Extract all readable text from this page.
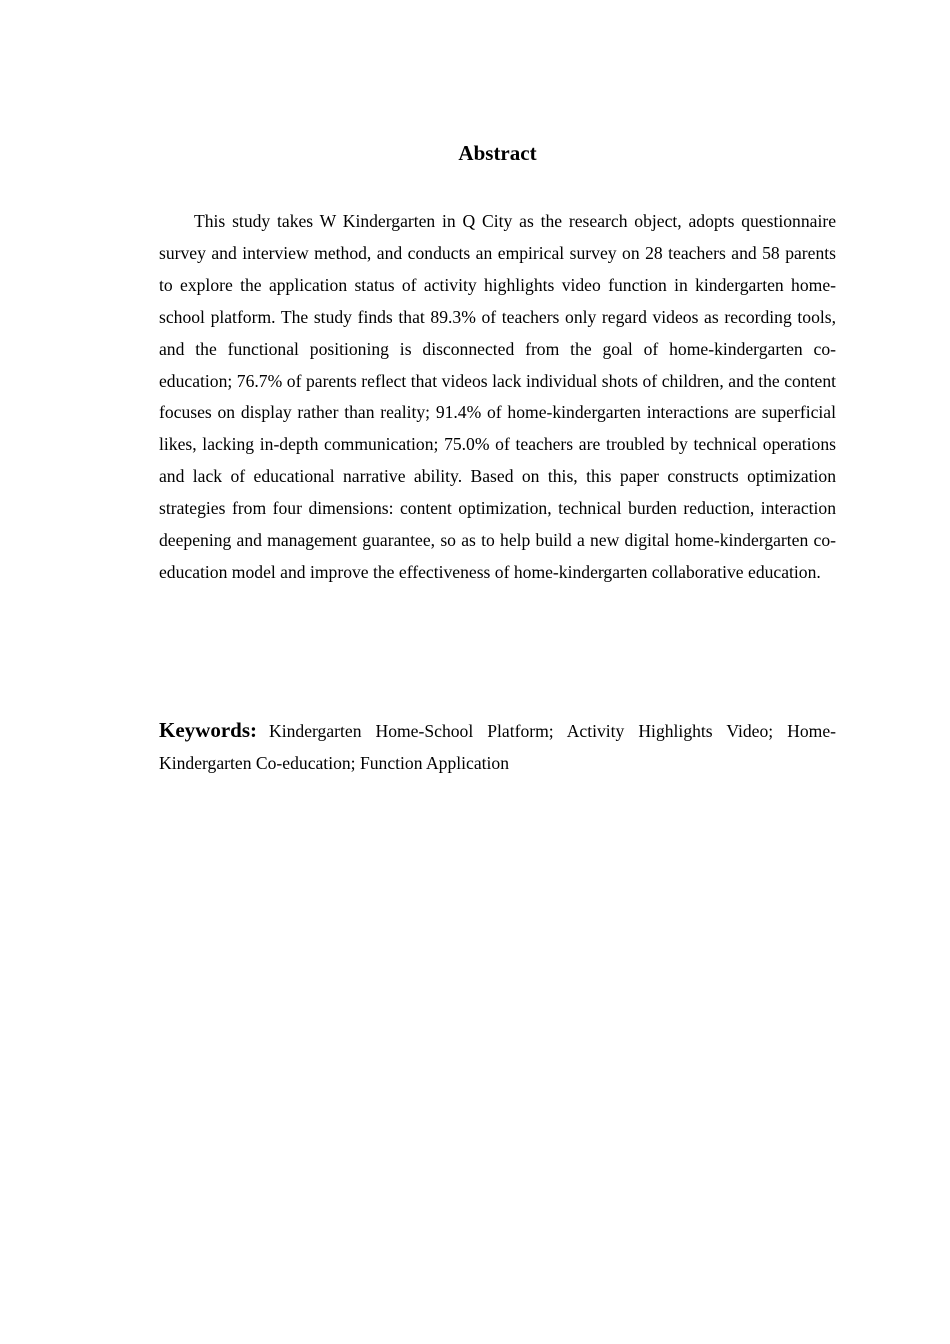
Abstract

This study takes W Kindergarten in Q City as the research object, adopts questionnaire survey and interview method, and conducts an empirical survey on 28 teachers and 58 parents to explore the application status of activity highlights video function in kindergarten home-school platform. The study finds that 89.3% of teachers only regard videos as recording tools, and the functional positioning is disconnected from the goal of home-kindergarten co-education; 76.7% of parents reflect that videos lack individual shots of children, and the content focuses on display rather than reality; 91.4% of home-kindergarten interactions are superficial likes, lacking in-depth communication; 75.0% of teachers are troubled by technical operations and lack of educational narrative ability. Based on this, this paper constructs optimization strategies from four dimensions: content optimization, technical burden reduction, interaction deepening and management guarantee, so as to help build a new digital home-kindergarten co-education model and improve the effectiveness of home-kindergarten collaborative education.

Keywords: Kindergarten Home-School Platform; Activity Highlights Video; Home-Kindergarten Co-education; Function Application
